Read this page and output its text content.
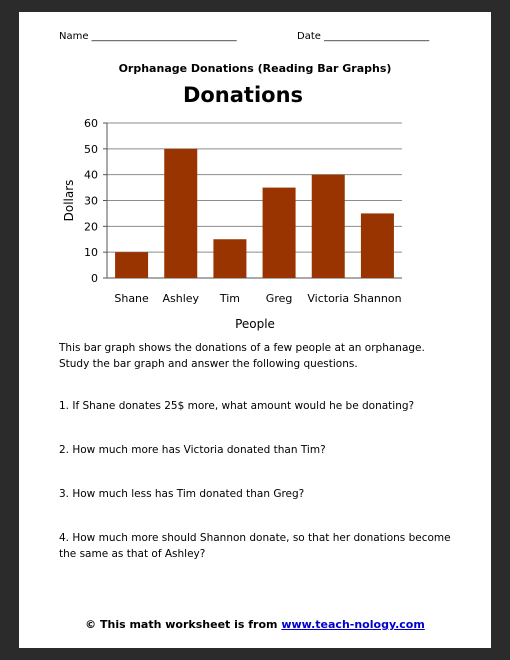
Name _____________________________	Date _____________________
Orphanage Donations (Reading Bar Graphs)
Donations
0
10
20
30
40
50
60
Shane Ashley Tim Greg Victoria Shannon
People
Dollars
This bar graph shows the donations of a few people at an orphanage. Study the bar graph and answer the following questions.
1. If Shane donates 25$ more, what amount would he be donating?
2. How much more has Victoria donated than Tim?
3. How much less has Tim donated than Greg?
4. How much more should Shannon donate, so that her donations become the same as that of Ashley?
© This math worksheet is from www.teach-nology.com
